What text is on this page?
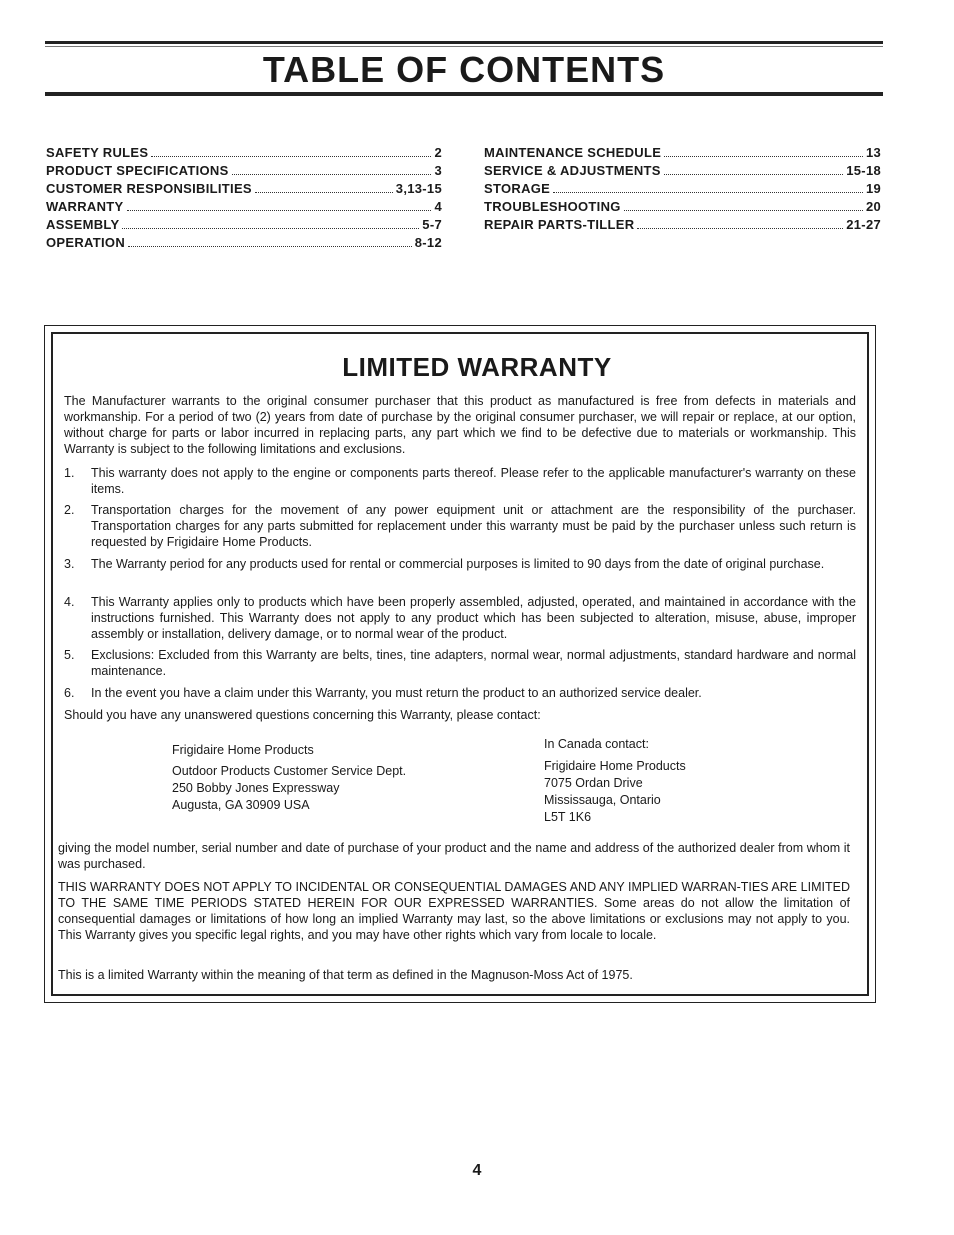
TABLE OF CONTENTS
SAFETY RULES	2
PRODUCT SPECIFICATIONS	3
CUSTOMER RESPONSIBILITIES	3,13-15
WARRANTY	4
ASSEMBLY	5-7
OPERATION	8-12
MAINTENANCE SCHEDULE	13
SERVICE & ADJUSTMENTS	15-18
STORAGE	19
TROUBLESHOOTING	20
REPAIR PARTS-TILLER	21-27
LIMITED WARRANTY
The Manufacturer warrants to the original consumer purchaser that this product as manufactured is free from defects in materials and workmanship. For a period of two (2) years from date of purchase by the original consumer purchaser, we will repair or replace, at our option, without charge for parts or labor incurred in replacing parts, any part which we find to be defective due to materials or workmanship. This Warranty is subject to the following limitations and exclusions.
1.	This warranty does not apply to the engine or components parts thereof. Please refer to the applicable manufacturer's warranty on these items.
2.	Transportation charges for the movement of any power equipment unit or attachment are the responsibility of the purchaser. Transportation charges for any parts submitted for replacement under this warranty must be paid by the purchaser unless such return is requested by Frigidaire Home Products.
3.	The Warranty period for any products used for rental or commercial purposes is limited to 90 days from the date of original purchase.
4.	This Warranty applies only to products which have been properly assembled, adjusted, operated, and maintained in accordance with the instructions furnished. This Warranty does not apply to any product which has been subjected to alteration, misuse, abuse, improper assembly or installation, delivery damage, or to normal wear of the product.
5.	Exclusions: Excluded from this Warranty are belts, tines, tine adapters, normal wear, normal adjustments, standard hardware and normal maintenance.
6.	In the event you have a claim under this Warranty, you must return the product to an authorized service dealer.
Should you have any unanswered questions concerning this Warranty, please contact:
Frigidaire Home Products
Outdoor Products Customer Service Dept.
250 Bobby Jones Expressway
Augusta, GA 30909 USA
In Canada contact:
Frigidaire Home Products
7075 Ordan Drive
Mississauga, Ontario
L5T 1K6
giving the model number, serial number and date of purchase of your product and the name and address of the authorized dealer from whom it was purchased.
THIS WARRANTY DOES NOT APPLY TO INCIDENTAL OR CONSEQUENTIAL DAMAGES AND ANY IMPLIED WARRAN-TIES ARE LIMITED TO THE SAME TIME PERIODS STATED HEREIN FOR OUR EXPRESSED WARRANTIES. Some areas do not allow the limitation of consequential damages or limitations of how long an implied Warranty may last, so the above limitations or exclusions may not apply to you. This Warranty gives you specific legal rights, and you may have other rights which vary from locale to locale.
This is a limited Warranty within the meaning of that term as defined in the Magnuson-Moss Act of 1975.
4
